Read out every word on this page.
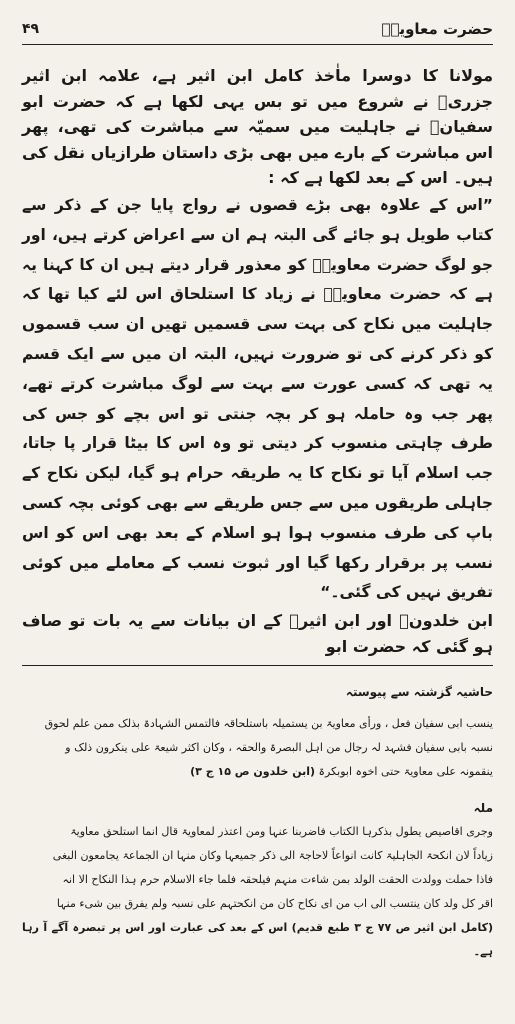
حضرت معاویہؓ
۴۹

مولانا کا دوسرا ماٰخذ کامل ابن اثیر ہے، علامہ ابن اثیر جزریؒ نے شروع میں تو بس یہی لکھا ہے کہ حضرت ابو سفیانؓ نے جاہلیت میں سمیّہ سے مباشرت کی تھی، پھر اس مباشرت کے بارے میں بھی بڑی داستان طرازیاں نقل کی ہیں۔ اس کے بعد لکھا ہے کہ :

”اس کے علاوہ بھی بڑے قصوں نے رواج پایا جن کے ذکر سے کتاب طویل ہو جائے گی البتہ ہم ان سے اعراض کرتے ہیں، اور جو لوگ حضرت معاویہؓ کو معذور قرار دیتے ہیں ان کا کہنا یہ ہے کہ حضرت معاویہؓ نے زیاد کا استلحاق اس لئے کیا تھا کہ جاہلیت میں نکاح کی بہت سی قسمیں تھیں ان سب قسموں کو ذکر کرنے کی تو ضرورت نہیں، البتہ ان میں سے ایک قسم یہ تھی کہ کسی عورت سے بہت سے لوگ مباشرت کرتے تھے، پھر جب وہ حاملہ ہو کر بچہ جنتی تو اس بچے کو جس کی طرف چاہتی منسوب کر دیتی تو وہ اس کا بیٹا قرار پا جاتا، جب اسلام آیا تو نکاح کا یہ طریقہ حرام ہو گیا، لیکن نکاح کے جاہلی طریقوں میں سے جس طریقے سے بھی کوئی بچہ کسی باپ کی طرف منسوب ہوا ہو اسلام کے بعد بھی اس کو اس نسب پر برقرار رکھا گیا اور ثبوت نسب کے معاملے میں کوئی تفریق نہیں کی گئی۔“

ابن خلدونؒ اور ابن اثیرؒ کے ان بیانات سے یہ بات تو صاف ہو گئی کہ حضرت ابو

حاشیہ گزشتہ سے پیوستہ

ینسب ابی سفیان فعل ، ورأی معاویۃ بن یستمیلہ باستلحاقہ فالتمس الشہادۃ بذلک ممن علم لحوق

نسبہ بابی سفیان فشہد لہ رجال من اہل البصرۃ والحقہ ، وکان اکثر شیعۃ علی ینکرون ذلک و

ینقمونہ علی معاویۃ حتی اخوہ ابوبکرۃ (ابن خلدون ص ۱۵ ج ۳)

ملہ

وجری اقاصیص یطول بذکرہا الکتاب فاضربنا عنہا ومن اعتذر لمعاویۃ قال انما استلحق معاویۃ

زیاداً لان انکحۃ الجاہلیۃ کانت انواعاً لاحاجۃ الی ذکر جمیعہا وکان منہا ان الجماعۃ یجامعون البغی

فاذا حملت وولدت الحقت الولد بمن شاءت منہم فیلحقہ فلما جاء الاسلام حرم ہذا النکاح الا انہ

اقر کل ولد کان ینتسب الی اب من ای نکاح کان من انکحتہم علی نسبہ ولم یفرق بین شیء منہا

(کامل ابن اثیر ص ۷۷ ج ۳ طبع قدیم) اس کے بعد کی عبارت اور اس پر تبصرہ آگے آ رہا ہے۔
